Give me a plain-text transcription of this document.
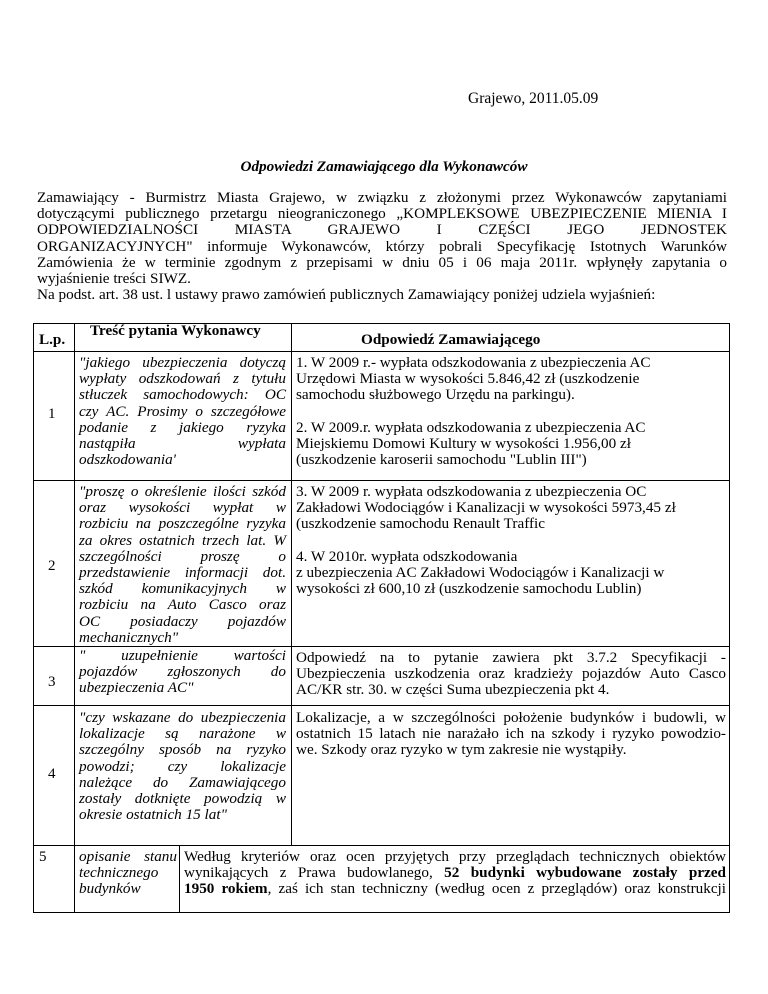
Grajewo, 2011.05.09
Odpowiedzi Zamawiającego dla Wykonawców
Zamawiający - Burmistrz Miasta Grajewo, w związku z złożonymi przez Wykonawców zapytaniami
dotyczącymi publicznego przetargu nieograniczonego „KOMPLEKSOWE UBEZPIECZENIE MIENIA I
ODPOWIEDZIALNOŚCI MIASTA GRAJEWO I CZĘŚCI JEGO JEDNOSTEK
ORGANIZACYJNYCH" informuje Wykonawców, którzy pobrali Specyfikację Istotnych Warunków
Zamówienia że w terminie zgodnym z przepisami w dniu 05 i 06 maja 2011r. wpłynęły zapytania o
wyjaśnienie treści SIWZ.
Na podst. art. 38 ust. l ustawy prawo zamówień publicznych Zamawiający poniżej udziela wyjaśnień:
L.p.
Treść pytania Wykonawcy
Odpowiedź Zamawiającego
1
"jakiego ubezpieczenia dotyczą
wypłaty odszkodowań z tytułu
stłuczek samochodowych: OC
czy AC. Prosimy o szczegółowe
podanie z jakiego ryzyka
nastąpiła wypłata
odszkodowania'
1. W 2009 r.- wypłata odszkodowania z ubezpieczenia AC
Urzędowi Miasta w wysokości 5.846,42 zł (uszkodzenie
samochodu służbowego Urzędu na parkingu).

2. W 2009.r. wypłata odszkodowania z ubezpieczenia AC
Miejskiemu Domowi Kultury w wysokości 1.956,00 zł
(uszkodzenie karoserii samochodu "Lublin III")
2
"proszę o określenie ilości szkód
oraz wysokości wypłat w
rozbiciu na poszczególne ryzyka
za okres ostatnich trzech lat. W
szczególności proszę o
przedstawienie informacji dot.
szkód komunikacyjnych w
rozbiciu na Auto Casco oraz
OC posiadaczy pojazdów
mechanicznych"
3. W 2009 r. wypłata odszkodowania z ubezpieczenia OC
Zakładowi Wodociągów i Kanalizacji w wysokości 5973,45 zł
(uszkodzenie samochodu Renault Traffic

4. W 2010r. wypłata odszkodowania
z ubezpieczenia AC Zakładowi Wodociągów i Kanalizacji w
wysokości zł 600,10 zł (uszkodzenie samochodu Lublin)
3
" uzupełnienie wartości
pojazdów zgłoszonych do
ubezpieczenia AC"
Odpowiedź na to pytanie zawiera pkt 3.7.2 Specyfikacji -
Ubezpieczenia uszkodzenia oraz kradzieży pojazdów Auto Casco
AC/KR str. 30. w części Suma ubezpieczenia pkt 4.
4
"czy wskazane do ubezpieczenia
lokalizacje są narażone w
szczególny sposób na ryzyko
powodzi; czy lokalizacje
należące do Zamawiającego
zostały dotknięte powodzią w
okresie ostatnich 15 lat"
Lokalizacje, a w szczególności położenie budynków i budowli, w
ostatnich 15 latach nie narażało ich na szkody i ryzyko powodzio-
we. Szkody oraz ryzyko w tym zakresie nie wystąpiły.
5 opisanie stanu
technicznego
budynków
Według kryteriów oraz ocen przyjętych przy przeglądach technicznych obiektów
wynikających z Prawa budowlanego, 52 budynki wybudowane zostały przed
1950 rokiem, zaś ich stan techniczny (według ocen z przeglądów) oraz konstrukcji
